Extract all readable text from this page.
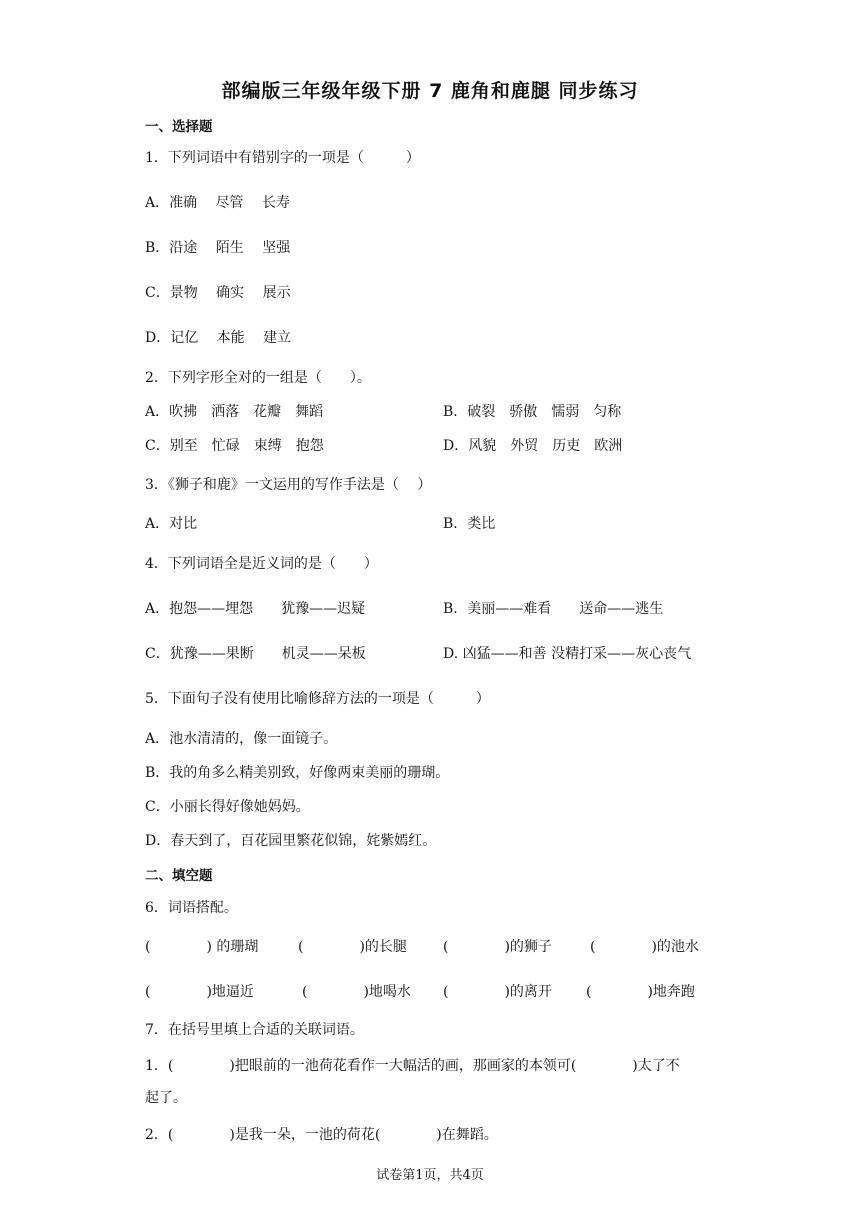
部编版三年级年级下册 7 鹿角和鹿腿 同步练习
一、选择题
1．下列词语中有错别字的一项是（　　　）
A．准确　 尽管　 长寿
B．沿途　 陌生　 坚强
C．景物　 确实　 展示
D．记亿　 本能　 建立
2．下列字形全对的一组是（　　）。
A．吹拂　洒落　花瓣　舞蹈	B．破裂　骄傲　懦弱　匀称
C．别至　忙碌　束缚　抱怨	D．风貌　外贸　历吏　欧洲
3．《狮子和鹿》一文运用的写作手法是（　 ）
A．对比	B．类比
4．下列词语全是近义词的是（　　）
A．抱怨——埋怨　　犹豫——迟疑	B．美丽——难看　　送命——逃生
C．犹豫——果断　　机灵——呆板	D. 凶猛——和善 没精打采——灰心丧气
5．下面句子没有使用比喻修辞方法的一项是（　　　）
A．池水清清的，像一面镜子。
B．我的角多么精美别致，好像两束美丽的珊瑚。
C．小丽长得好像她妈妈。
D．春天到了，百花园里繁花似锦，姹紫嫣红。
二、填空题
6．词语搭配。
(　　　　) 的珊瑚	(　　　　)的长腿	(　　　　)的狮子	(　　　　)的池水
(　　　　)地逼近	(　　　　)地喝水 (　　　　)的离开 (　　　　)地奔跑
7．在括号里填上合适的关联词语。
1．(　　　　)把眼前的一池荷花看作一大幅活的画，那画家的本领可(　　　　)太了不
起了。
2．(　　　　)是我一朵，一池的荷花(　　　　)在舞蹈。
试卷第1页，共4页
